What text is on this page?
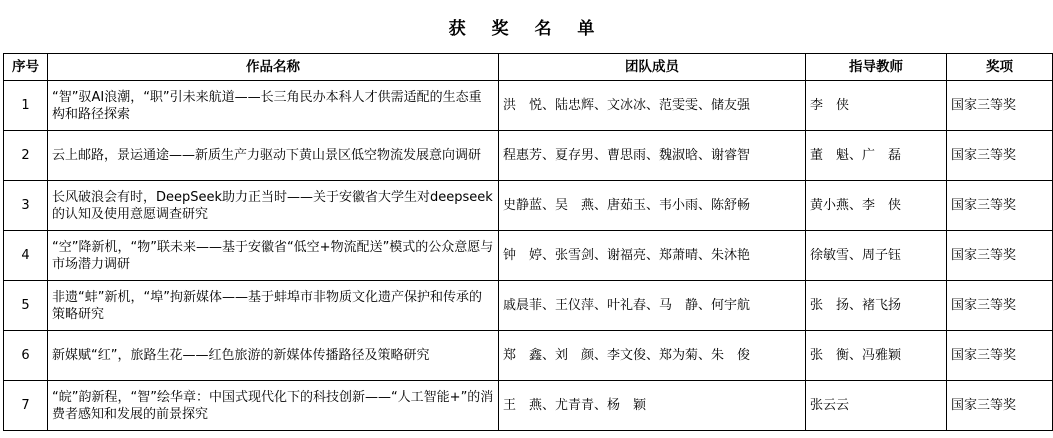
获 奖 名 单
序号	作品名称	团队成员	指导教师	奖项
1	“智”驭AI浪潮，“职”引未来航道——长三角民办本科人才供需适配的生态重构和路径探索	洪　悦、陆忠辉、文冰冰、范雯雯、储友强	李　侠	国家三等奖
2	云上邮路，景运通途——新质生产力驱动下黄山景区低空物流发展意向调研	程惠芳、夏存男、曹思雨、魏淑晗、谢睿智	董　魁、广　磊	国家三等奖
3	长风破浪会有时，DeepSeek助力正当时——关于安徽省大学生对deepseek的认知及使用意愿调查研究	史静蓝、吴　燕、唐茹玉、韦小雨、陈舒畅	黄小燕、李　侠	国家三等奖
4	“空”降新机，“物”联未来——基于安徽省“低空+物流配送”模式的公众意愿与市场潜力调研	钟　婷、张雪剑、谢福亮、郑萧晴、朱沐艳	徐敏雪、周子钰	国家三等奖
5	非遗“蚌”新机，“埠”拘新媒体——基于蚌埠市非物质文化遗产保护和传承的策略研究	戚晨菲、王仪萍、叶礼春、马　静、何宇航	张　扬、褚飞扬	国家三等奖
6	新媒赋“红”，旅路生花——红色旅游的新媒体传播路径及策略研究	郑　鑫、刘　颜、李文俊、郑为菊、朱　俊	张　衡、冯雅颖	国家三等奖
7	“皖”韵新程，“智”绘华章：中国式现代化下的科技创新——“人工智能+”的消费者感知和发展的前景探究	王　燕、尤青青、杨　颖	张云云	国家三等奖
